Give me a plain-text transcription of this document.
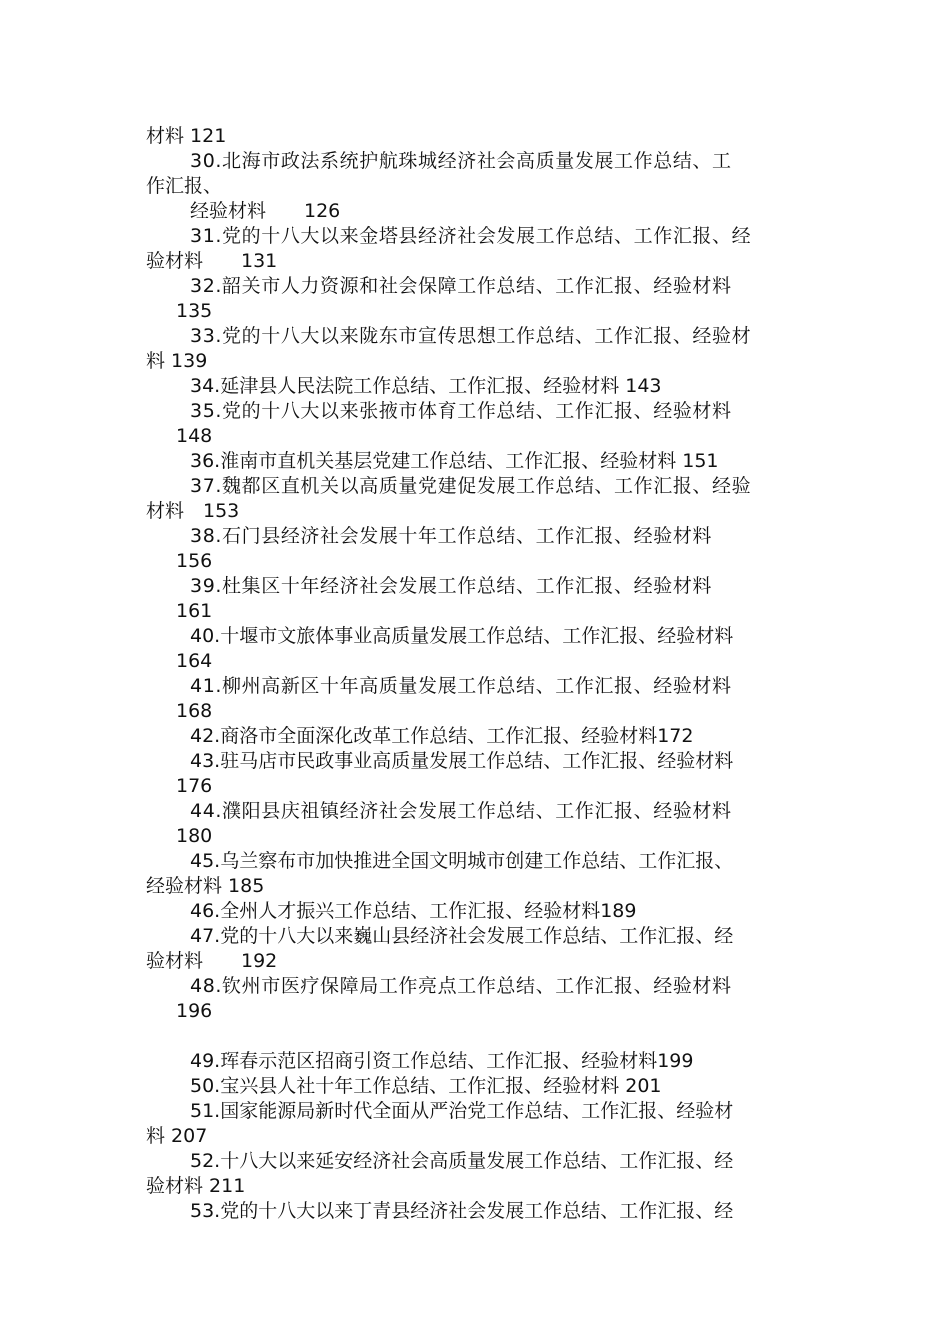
材料 121
30.北海市政法系统护航珠城经济社会高质量发展工作总结、工
作汇报、
经验材料　　126
31.党的十八大以来金塔县经济社会发展工作总结、工作汇报、经
验材料　　131
32.韶关市人力资源和社会保障工作总结、工作汇报、经验材料
135
33.党的十八大以来陇东市宣传思想工作总结、工作汇报、经验材
料 139
34.延津县人民法院工作总结、工作汇报、经验材料 143
35.党的十八大以来张掖市体育工作总结、工作汇报、经验材料
148
36.淮南市直机关基层党建工作总结、工作汇报、经验材料 151
37.魏都区直机关以高质量党建促发展工作总结、工作汇报、经验
材料　153
38.石门县经济社会发展十年工作总结、工作汇报、经验材料
156
39.杜集区十年经济社会发展工作总结、工作汇报、经验材料
161
40.十堰市文旅体事业高质量发展工作总结、工作汇报、经验材料
164
41.柳州高新区十年高质量发展工作总结、工作汇报、经验材料
168
42.商洛市全面深化改革工作总结、工作汇报、经验材料172
43.驻马店市民政事业高质量发展工作总结、工作汇报、经验材料
176
44.濮阳县庆祖镇经济社会发展工作总结、工作汇报、经验材料
180
45.乌兰察布市加快推进全国文明城市创建工作总结、工作汇报、
经验材料 185
46.全州人才振兴工作总结、工作汇报、经验材料189
47.党的十八大以来巍山县经济社会发展工作总结、工作汇报、经
验材料　　192
48.钦州市医疗保障局工作亮点工作总结、工作汇报、经验材料
196
49.珲春示范区招商引资工作总结、工作汇报、经验材料199
50.宝兴县人社十年工作总结、工作汇报、经验材料 201
51.国家能源局新时代全面从严治党工作总结、工作汇报、经验材
料 207
52.十八大以来延安经济社会高质量发展工作总结、工作汇报、经
验材料 211
53.党的十八大以来丁青县经济社会发展工作总结、工作汇报、经
